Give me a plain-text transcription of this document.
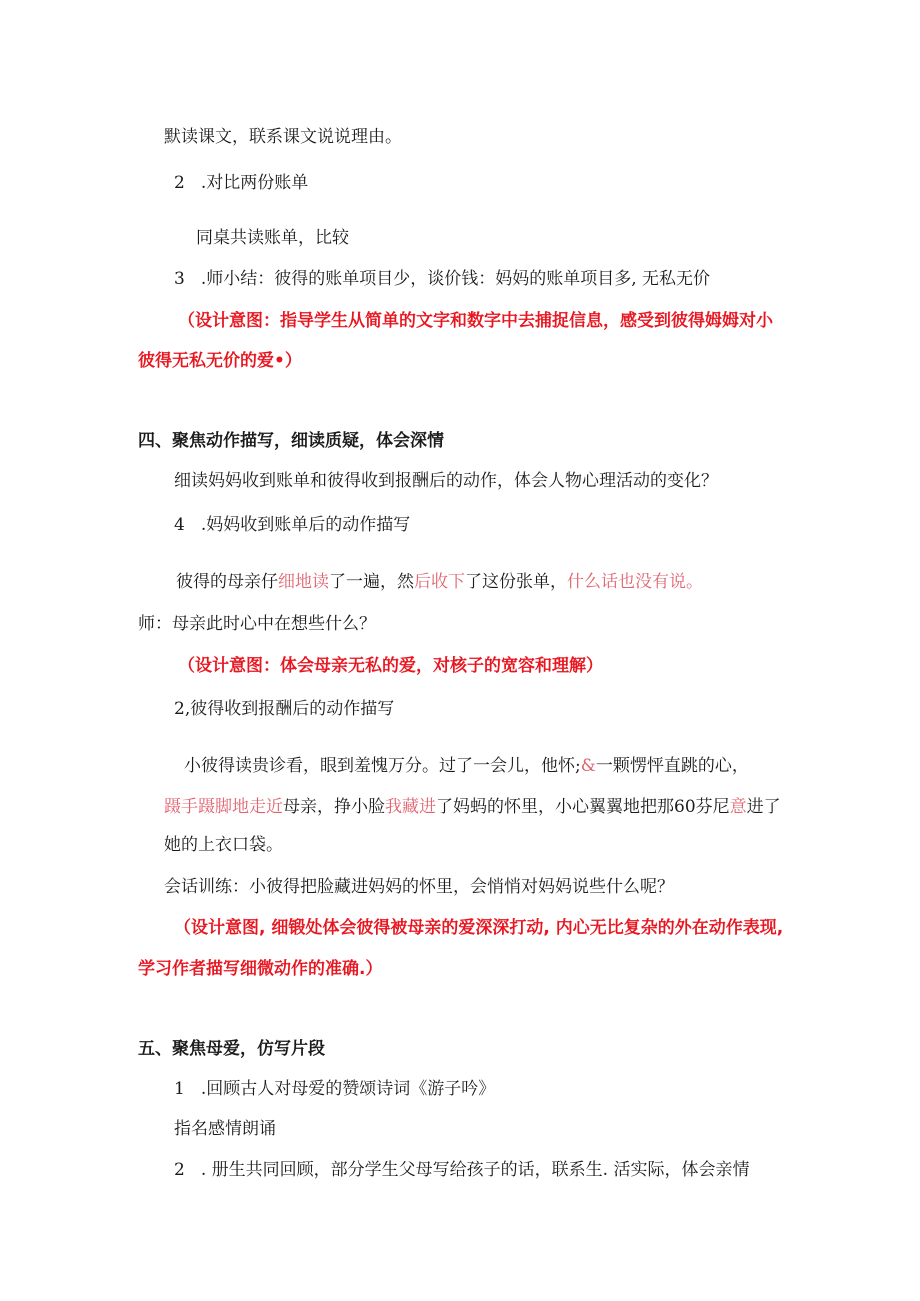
默读课文，联系课文说说理由。
2 .对比两份账单
同桌共读账单，比较
3 .师小结：彼得的账单项目少，谈价钱：妈妈的账单项目多, 无私无价
（设计意图：指导学生从简单的文字和数字中去捕捉信息，感受到彼得姆姆对小
彼得无私无价的爱•）
四、聚焦动作描写，细读质疑，体会深情
细读妈妈收到账单和彼得收到报酬后的动作，体会人物心理活动的变化？
4 .妈妈收到账单后的动作描写
彼得的母亲仔细地读了一遍，然后收下了这份张单，什么话也没有说。
师：母亲此时心中在想些什么？
（设计意图：体会母亲无私的爱，对核子的宽容和理解）
2,彼得收到报酬后的动作描写
小彼得读贵诊看，眼到羞愧万分。过了一会儿，他怀;&一颗愣怦直跳的心，
蹑手蹑脚地走近母亲，挣小脸我藏进了妈蚂的怀里，小心翼翼地把那60芬尼意进了
她的上衣口袋。
会话训练：小彼得把脸藏进妈妈的怀里，会悄悄对妈妈说些什么呢？
（设计意图, 细锻处体会彼得被母亲的爱深深打动, 内心无比复杂的外在动作表现,
学习作者描写细微动作的准确.）
五、聚焦母爱，仿写片段
1 .回顾古人对母爱的赞颂诗词《游子吟》
指名感情朗诵
2 . 册生共同回顾，部分学生父母写给孩子的话，联系生. 活实际，体会亲情
